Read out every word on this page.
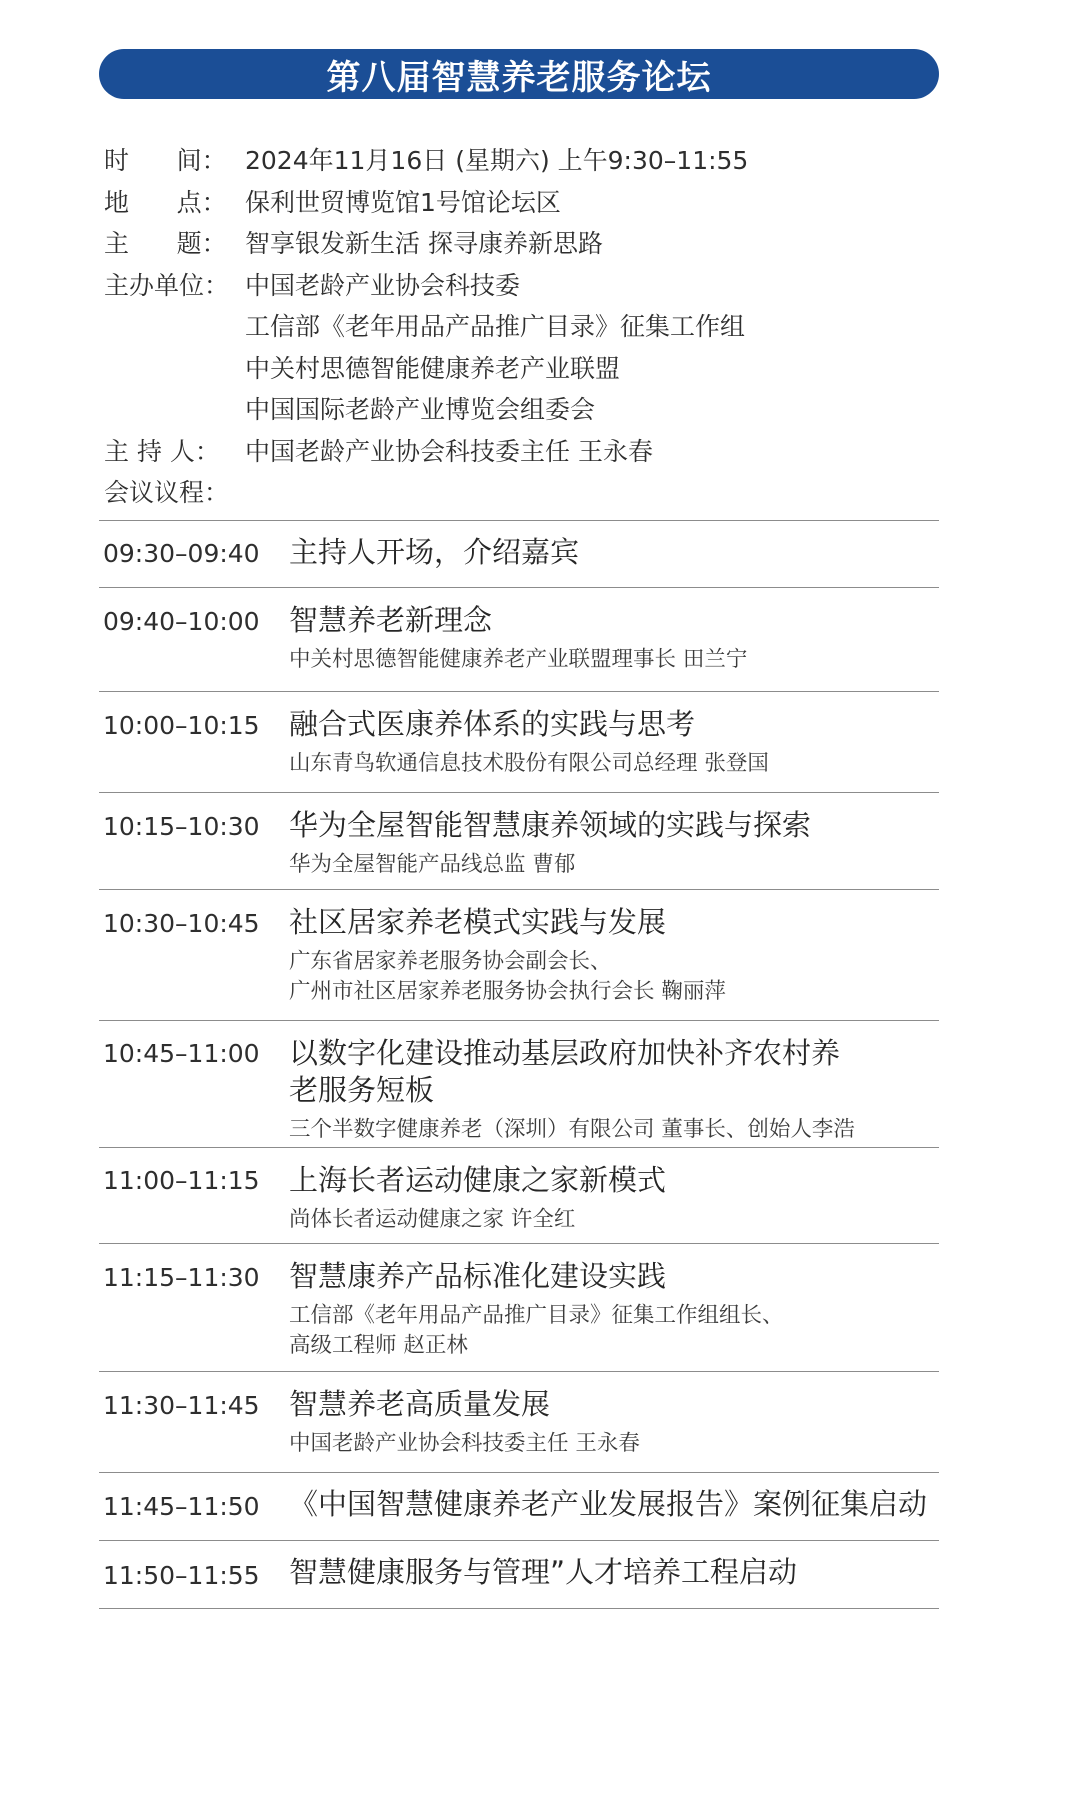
第八届智慧养老服务论坛
时      间： 2024年11月16日 (星期六) 上午9:30–11:55
地      点： 保利世贸博览馆1号馆论坛区
主      题： 智享银发新生活 探寻康养新思路
主办单位： 中国老龄产业协会科技委
工信部《老年用品产品推广目录》征集工作组
中关村思德智能健康养老产业联盟
中国国际老龄产业博览会组委会
主 持 人：	中国老龄产业协会科技委主任 王永春
会议议程：
09:30–09:40	主持人开场，介绍嘉宾
09:40–10:00	智慧养老新理念
中关村思德智能健康养老产业联盟理事长 田兰宁
10:00–10:15	融合式医康养体系的实践与思考
山东青鸟软通信息技术股份有限公司总经理 张登国
10:15–10:30	华为全屋智能智慧康养领域的实践与探索
华为全屋智能产品线总监 曹郁
10:30–10:45	社区居家养老模式实践与发展
广东省居家养老服务协会副会长、
广州市社区居家养老服务协会执行会长 鞠丽萍
10:45–11:00	以数字化建设推动基层政府加快补齐农村养老服务短板
三个半数字健康养老（深圳）有限公司 董事长、创始人李浩
11:00–11:15	上海长者运动健康之家新模式
尚体长者运动健康之家 许全红
11:15–11:30	智慧康养产品标准化建设实践
工信部《老年用品产品推广目录》征集工作组组长、
高级工程师 赵正林
11:30–11:45	智慧养老高质量发展
中国老龄产业协会科技委主任 王永春
11:45–11:50	《中国智慧健康养老产业发展报告》案例征集启动
11:50–11:55	智慧健康服务与管理”人才培养工程启动
